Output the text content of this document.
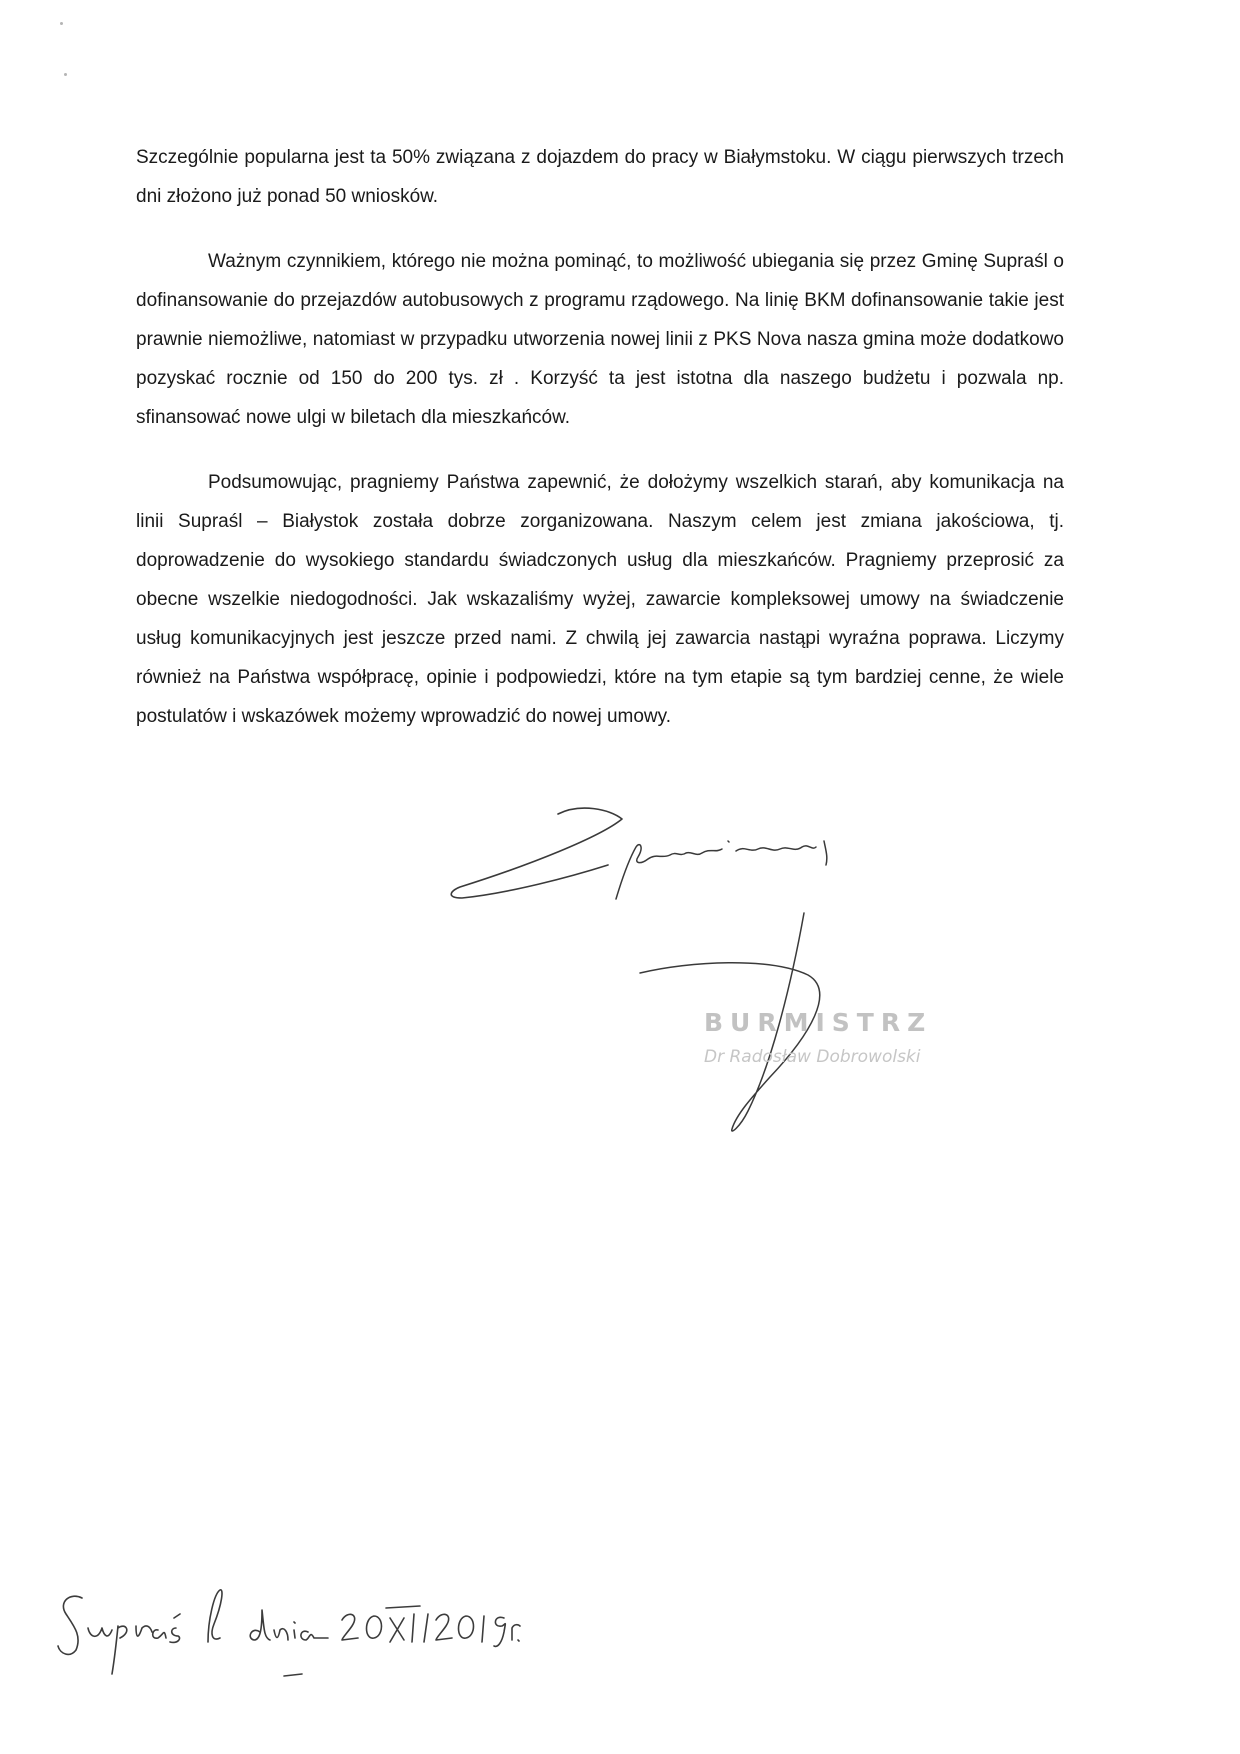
Szczególnie popularna jest ta 50% związana z dojazdem do pracy w Białymstoku. W ciągu pierwszych trzech dni złożono już ponad 50 wniosków.

Ważnym czynnikiem, którego nie można pominąć, to możliwość ubiegania się przez Gminę Supraśl o dofinansowanie do przejazdów autobusowych z programu rządowego. Na linię BKM dofinansowanie takie jest prawnie niemożliwe, natomiast w przypadku utworzenia nowej linii z PKS Nova nasza gmina może dodatkowo pozyskać rocznie od 150 do 200 tys. zł . Korzyść ta jest istotna dla naszego budżetu i pozwala np. sfinansować nowe ulgi w biletach dla mieszkańców.

Podsumowując, pragniemy Państwa zapewnić, że dołożymy wszelkich starań, aby komunikacja na linii Supraśl – Białystok została dobrze zorganizowana. Naszym celem jest zmiana jakościowa, tj. doprowadzenie do wysokiego standardu świadczonych usług dla mieszkańców. Pragniemy przeprosić za obecne wszelkie niedogodności. Jak wskazaliśmy wyżej, zawarcie kompleksowej umowy na świadczenie usług komunikacyjnych jest jeszcze przed nami. Z chwilą jej zawarcia nastąpi wyraźna poprawa. Liczymy również na Państwa współpracę, opinie i podpowiedzi, które na tym etapie są tym bardziej cenne, że wiele postulatów i wskazówek możemy wprowadzić do nowej umowy.

BURMISTRZ
Dr Radosław Dobrowolski
